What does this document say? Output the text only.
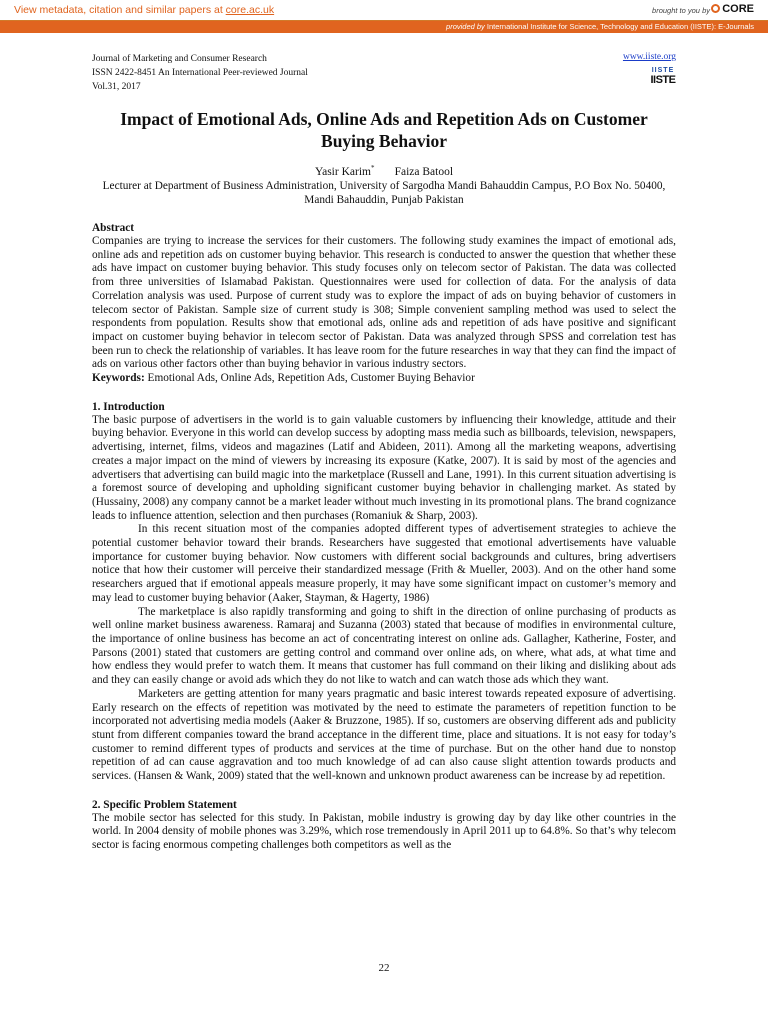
View metadata, citation and similar papers at core.ac.uk	brought to you by	CORE
provided by International Institute for Science, Technology and Education (IISTE): E-Journals
Journal of Marketing and Consumer Research
ISSN 2422-8451 An International Peer-reviewed Journal
Vol.31, 2017
www.iiste.org
IISTE
IISTE
Impact of Emotional Ads, Online Ads and Repetition Ads on Customer Buying Behavior
Yasir Karim* Faiza Batool
Lecturer at Department of Business Administration, University of Sargodha Mandi Bahauddin Campus, P.O Box No. 50400, Mandi Bahauddin, Punjab Pakistan
Abstract

Companies are trying to increase the services for their customers. The following study examines the impact of emotional ads, online ads and repetition ads on customer buying behavior. This research is conducted to answer the question that whether these ads have impact on customer buying behavior. This study focuses only on telecom sector of Pakistan. The data was collected from three universities of Islamabad Pakistan. Questionnaires were used for collection of data. For the analysis of data Correlation analysis was used. Purpose of current study was to explore the impact of ads on buying behavior of customers in telecom sector of Pakistan. Sample size of current study is 308; Simple convenient sampling method was used to select the respondents from population. Results show that emotional ads, online ads and repetition of ads have positive and significant impact on customer buying behavior in telecom sector of Pakistan. Data was analyzed through SPSS and correlation test has been run to check the relationship of variables. It has leave room for the future researches in way that they can find the impact of ads on various other factors other than buying behavior in various industry sectors.

Keywords: Emotional Ads, Online Ads, Repetition Ads, Customer Buying Behavior

1. Introduction

The basic purpose of advertisers in the world is to gain valuable customers by influencing their knowledge, attitude and their buying behavior. Everyone in this world can develop success by adopting mass media such as billboards, television, newspapers, advertising, internet, films, videos and magazines (Latif and Abideen, 2011). Among all the marketing weapons, advertising creates a major impact on the mind of viewers by increasing its exposure (Katke, 2007). It is said by most of the agencies and advertisers that advertising can build magic into the marketplace (Russell and Lane, 1991). In this current situation advertising is a foremost source of developing and upholding significant customer buying behavior in challenging market. As stated by (Hussainy, 2008) any company cannot be a market leader without much investing in its promotional plans. The brand cognizance leads to influence attention, selection and then purchases (Romaniuk & Sharp, 2003).

In this recent situation most of the companies adopted different types of advertisement strategies to achieve the potential customer behavior toward their brands. Researchers have suggested that emotional advertisements have valuable importance for customer buying behavior. Now customers with different social backgrounds and cultures, bring advertisers notice that how their customer will perceive their standardized message (Frith & Mueller, 2003). And on the other hand some researchers argued that if emotional appeals measure properly, it may have some significant impact on customer’s memory and may lead to customer buying behavior (Aaker, Stayman, & Hagerty, 1986)

The marketplace is also rapidly transforming and going to shift in the direction of online purchasing of products as well online market business awareness. Ramaraj and Suzanna (2003) stated that because of modifies in environmental culture, the importance of online business has become an act of concentrating interest on online ads. Gallagher, Katherine, Foster, and Parsons (2001) stated that customers are getting control and command over online ads, on where, what ads, at what time and how endless they would prefer to watch them. It means that customer has full command on their liking and disliking about ads and they can easily change or avoid ads which they do not like to watch and can watch those ads which they want.

Marketers are getting attention for many years pragmatic and basic interest towards repeated exposure of advertising. Early research on the effects of repetition was motivated by the need to estimate the parameters of repetition function to be incorporated not advertising media models (Aaker & Bruzzone, 1985). If so, customers are observing different ads and publicity stunt from different companies toward the brand acceptance in the different time, place and situations. It is not easy for today’s customer to remind different types of products and services at the time of purchase. But on the other hand due to nonstop repetition of ad can cause aggravation and too much knowledge of ad can also cause slight attention towards products and services. (Hansen & Wank, 2009) stated that the well-known and unknown product awareness can be increase by ad repetition.

2. Specific Problem Statement

The mobile sector has selected for this study. In Pakistan, mobile industry is growing day by day like other countries in the world. In 2004 density of mobile phones was 3.29%, which rose tremendously in April 2011 up to 64.8%. So that’s why telecom sector is facing enormous competing challenges both competitors as well as the

22
